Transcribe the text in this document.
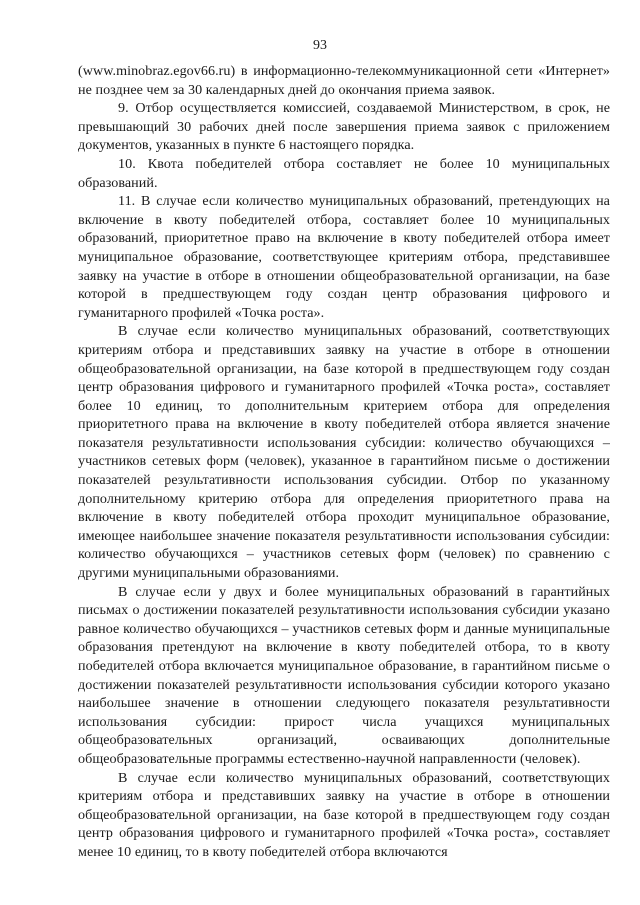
93

(www.minobraz.egov66.ru) в информационно-телекоммуникационной сети «Интернет» не позднее чем за 30 календарных дней до окончания приема заявок.

9. Отбор осуществляется комиссией, создаваемой Министерством, в срок, не превышающий 30 рабочих дней после завершения приема заявок с приложением документов, указанных в пункте 6 настоящего порядка.

10. Квота победителей отбора составляет не более 10 муниципальных образований.

11. В случае если количество муниципальных образований, претендующих на включение в квоту победителей отбора, составляет более 10 муниципальных образований, приоритетное право на включение в квоту победителей отбора имеет муниципальное образование, соответствующее критериям отбора, представившее заявку на участие в отборе в отношении общеобразовательной организации, на базе которой в предшествующем году создан центр образования цифрового и гуманитарного профилей «Точка роста».

В случае если количество муниципальных образований, соответствующих критериям отбора и представивших заявку на участие в отборе в отношении общеобразовательной организации, на базе которой в предшествующем году создан центр образования цифрового и гуманитарного профилей «Точка роста», составляет более 10 единиц, то дополнительным критерием отбора для определения приоритетного права на включение в квоту победителей отбора является значение показателя результативности использования субсидии: количество обучающихся – участников сетевых форм (человек), указанное в гарантийном письме о достижении показателей результативности использования субсидии. Отбор по указанному дополнительному критерию отбора для определения приоритетного права на включение в квоту победителей отбора проходит муниципальное образование, имеющее наибольшее значение показателя результативности использования субсидии: количество обучающихся – участников сетевых форм (человек) по сравнению с другими муниципальными образованиями.

В случае если у двух и более муниципальных образований в гарантийных письмах о достижении показателей результативности использования субсидии указано равное количество обучающихся – участников сетевых форм и данные муниципальные образования претендуют на включение в квоту победителей отбора, то в квоту победителей отбора включается муниципальное образование, в гарантийном письме о достижении показателей результативности использования субсидии которого указано наибольшее значение в отношении следующего показателя результативности использования субсидии: прирост числа учащихся муниципальных общеобразовательных организаций, осваивающих дополнительные общеобразовательные программы естественно-научной направленности (человек).

В случае если количество муниципальных образований, соответствующих критериям отбора и представивших заявку на участие в отборе в отношении общеобразовательной организации, на базе которой в предшествующем году создан центр образования цифрового и гуманитарного профилей «Точка роста», составляет менее 10 единиц, то в квоту победителей отбора включаются
